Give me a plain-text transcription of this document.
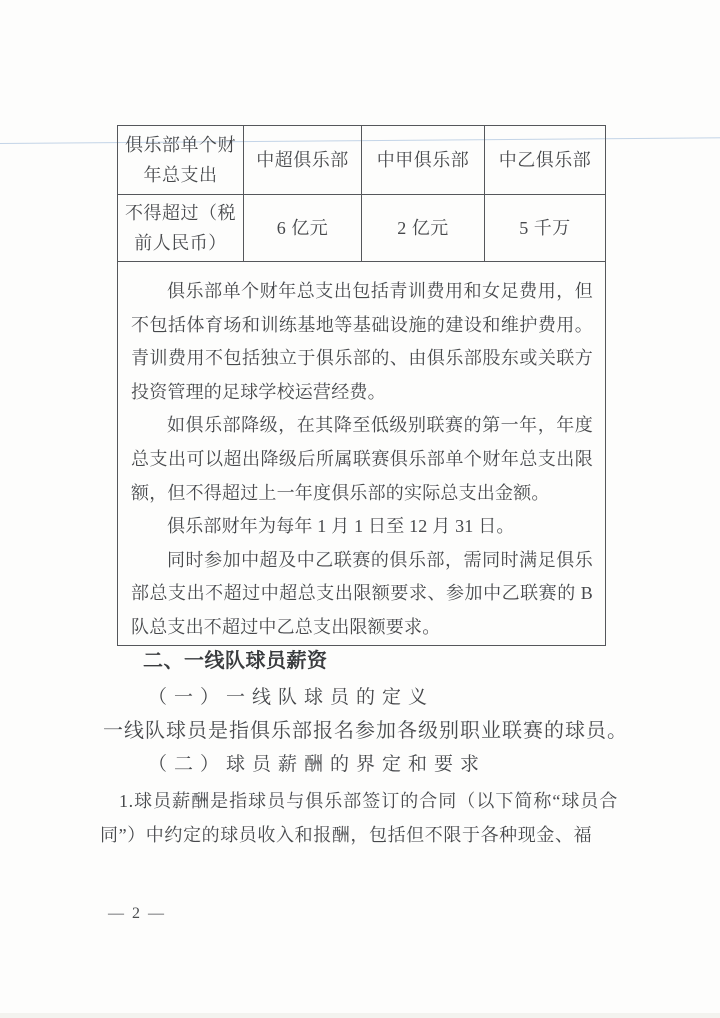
俱乐部单个财年总支出	中超俱乐部	中甲俱乐部	中乙俱乐部
不得超过（税前人民币）	6 亿元	2 亿元	5 千万

俱乐部单个财年总支出包括青训费用和女足费用，但不包括体育场和训练基地等基础设施的建设和维护费用。青训费用不包括独立于俱乐部的、由俱乐部股东或关联方投资管理的足球学校运营经费。

如俱乐部降级，在其降至低级别联赛的第一年，年度总支出可以超出降级后所属联赛俱乐部单个财年总支出限额，但不得超过上一年度俱乐部的实际总支出金额。

俱乐部财年为每年 1 月 1 日至 12 月 31 日。

同时参加中超及中乙联赛的俱乐部，需同时满足俱乐部总支出不超过中超总支出限额要求、参加中乙联赛的 B 队总支出不超过中乙总支出限额要求。			

二、一线队球员薪资
（一）一线队球员的定义
一线队球员是指俱乐部报名参加各级别职业联赛的球员。
（二）球员薪酬的界定和要求
1.球员薪酬是指球员与俱乐部签订的合同（以下简称“球员合同”）中约定的球员收入和报酬，包括但不限于各种现金、福
— 2 —
